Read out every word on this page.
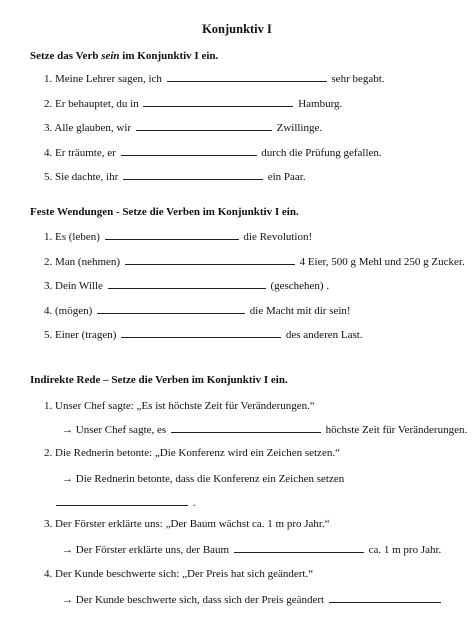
Konjunktiv I
Setze das Verb sein im Konjunktiv I ein.
1. Meine Lehrer sagen, ich	sehr begabt.
2. Er behauptet, du in	Hamburg.
3. Alle glauben, wir	Zwillinge.
4. Er träumte, er	durch die Prüfung gefallen.
5. Sie dachte, ihr	ein Paar.
Feste Wendungen - Setze die Verben im Konjunktiv I ein.
1. Es (leben)	die Revolution!
2. Man (nehmen)	4 Eier, 500 g Mehl und 250 g Zucker.
3. Dein Wille	(geschehen) .
4. (mögen)	die Macht mit dir sein!
5. Einer (tragen)	des anderen Last.
Indirekte Rede – Setze die Verben im Konjunktiv I ein.
1. Unser Chef sagte: „Es ist höchste Zeit für Veränderungen.“
→ Unser Chef sagte, es	höchste Zeit für Veränderungen.
2. Die Rednerin betonte: „Die Konferenz wird ein Zeichen setzen.“
→ Die Rednerin betonte, dass die Konferenz ein Zeichen setzen
.
3. Der Förster erklärte uns: „Der Baum wächst ca. 1 m pro Jahr.“
→ Der Förster erklärte uns, der Baum	ca. 1 m pro Jahr.
4. Der Kunde beschwerte sich: „Der Preis hat sich geändert.“
→ Der Kunde beschwerte sich, dass sich der Preis geändert
